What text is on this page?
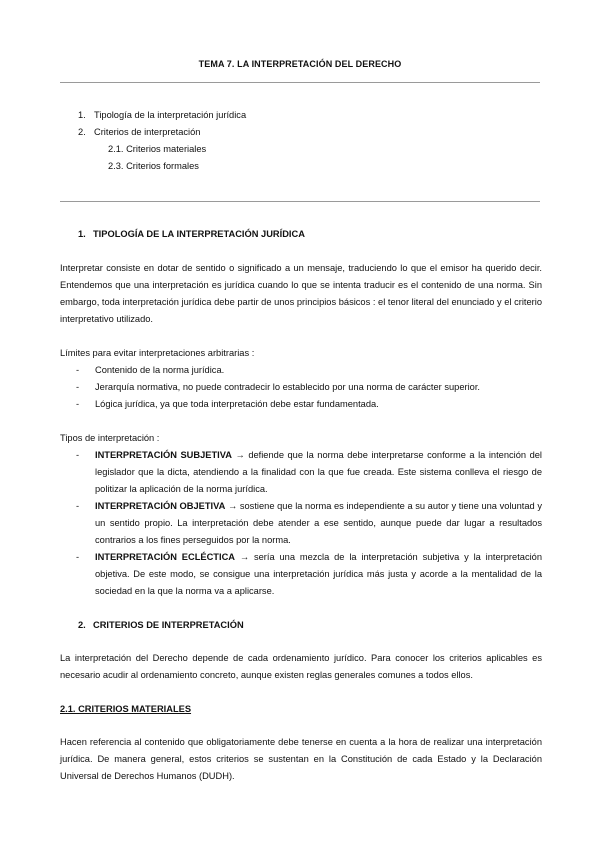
TEMA 7. LA INTERPRETACIÓN DEL DERECHO
1. Tipología de la interpretación jurídica
2. Criterios de interpretación
2.1. Criterios materiales
2.3. Criterios formales
1. TIPOLOGÍA DE LA INTERPRETACIÓN JURÍDICA

Interpretar consiste en dotar de sentido o significado a un mensaje, traduciendo lo que el emisor ha querido decir. Entendemos que una interpretación es jurídica cuando lo que se intenta traducir es el contenido de una norma. Sin embargo, toda interpretación jurídica debe partir de unos principios básicos : el tenor literal del enunciado y el criterio interpretativo utilizado.

Límites para evitar interpretaciones arbitrarias :
- Contenido de la norma jurídica.
- Jerarquía normativa, no puede contradecir lo establecido por una norma de carácter superior.
- Lógica jurídica, ya que toda interpretación debe estar fundamentada.
Tipos de interpretación :
- INTERPRETACIÓN SUBJETIVA → defiende que la norma debe interpretarse conforme a la intención del legislador que la dicta, atendiendo a la finalidad con la que fue creada. Este sistema conlleva el riesgo de politizar la aplicación de la norma jurídica.
- INTERPRETACIÓN OBJETIVA → sostiene que la norma es independiente a su autor y tiene una voluntad y un sentido propio. La interpretación debe atender a ese sentido, aunque puede dar lugar a resultados contrarios a los fines perseguidos por la norma.
- INTERPRETACIÓN ECLÉCTICA → sería una mezcla de la interpretación subjetiva y la interpretación objetiva. De este modo, se consigue una interpretación jurídica más justa y acorde a la mentalidad de la sociedad en la que la norma va a aplicarse.
2. CRITERIOS DE INTERPRETACIÓN

La interpretación del Derecho depende de cada ordenamiento jurídico. Para conocer los criterios aplicables es necesario acudir al ordenamiento concreto, aunque existen reglas generales comunes a todos ellos.

2.1. CRITERIOS MATERIALES

Hacen referencia al contenido que obligatoriamente debe tenerse en cuenta a la hora de realizar una interpretación jurídica. De manera general, estos criterios se sustentan en la Constitución de cada Estado y la Declaración Universal de Derechos Humanos (DUDH).
